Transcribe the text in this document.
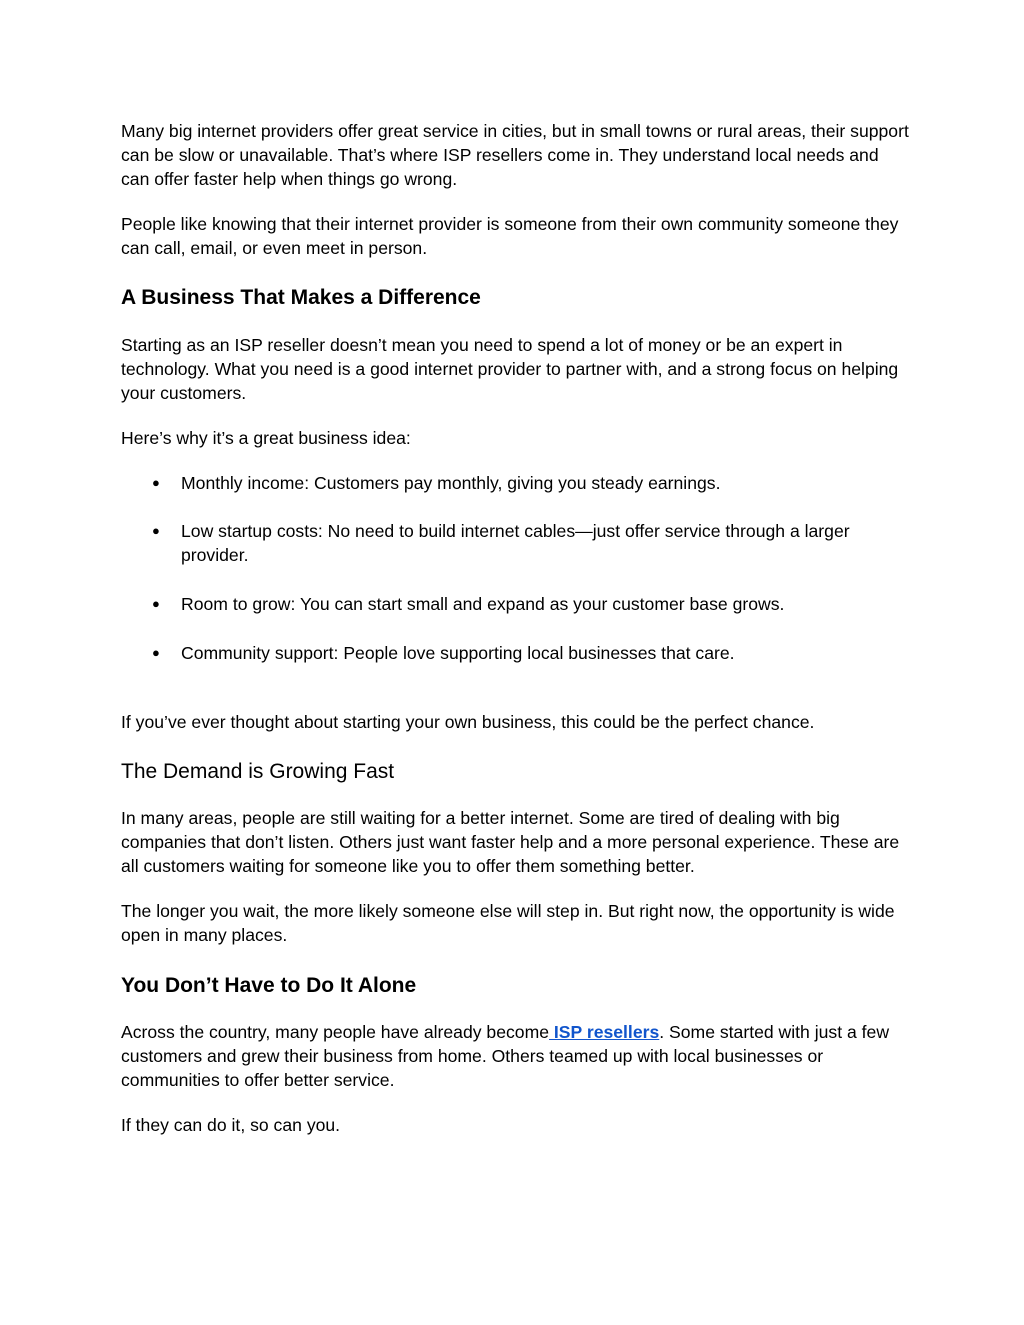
Many big internet providers offer great service in cities, but in small towns or rural areas, their support can be slow or unavailable. That’s where ISP resellers come in. They understand local needs and can offer faster help when things go wrong.

People like knowing that their internet provider is someone from their own community someone they can call, email, or even meet in person.

A Business That Makes a Difference

Starting as an ISP reseller doesn’t mean you need to spend a lot of money or be an expert in technology. What you need is a good internet provider to partner with, and a strong focus on helping your customers.

Here’s why it’s a great business idea:

● Monthly income: Customers pay monthly, giving you steady earnings.
● Low startup costs: No need to build internet cables—just offer service through a larger provider.
● Room to grow: You can start small and expand as your customer base grows.
● Community support: People love supporting local businesses that care.

If you’ve ever thought about starting your own business, this could be the perfect chance.

The Demand is Growing Fast

In many areas, people are still waiting for a better internet. Some are tired of dealing with big companies that don’t listen. Others just want faster help and a more personal experience. These are all customers waiting for someone like you to offer them something better.

The longer you wait, the more likely someone else will step in. But right now, the opportunity is wide open in many places.

You Don’t Have to Do It Alone

Across the country, many people have already become ISP resellers. Some started with just a few customers and grew their business from home. Others teamed up with local businesses or communities to offer better service.

If they can do it, so can you.
